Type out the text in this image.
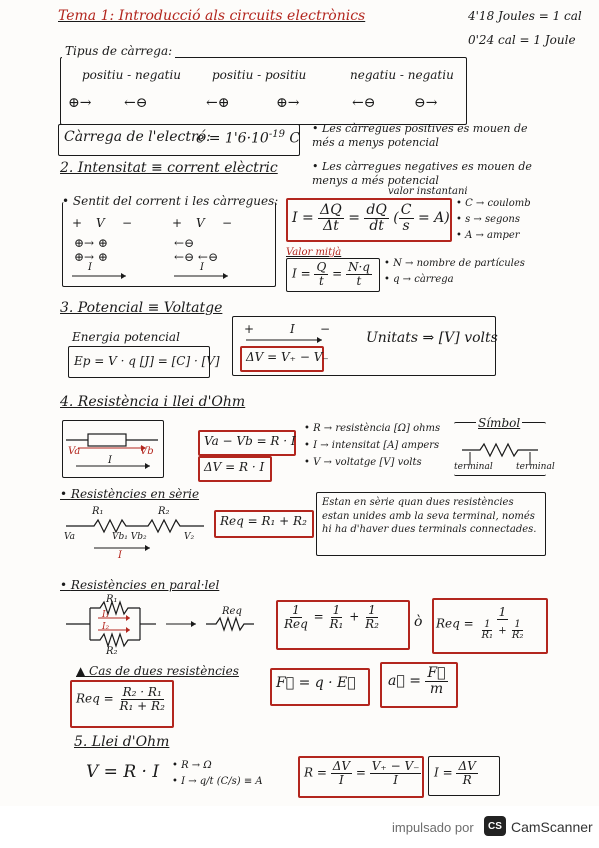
Tema 1: Introducció als circuits electrònics	4'18 Joules = 1 cal
0'24 cal = 1 Joule
Tipus de càrrega:
positiu - negatiu	positiu - positiu	negatiu - negatiu
⊕→ ←⊖	←⊕	⊕→	←⊖	⊖→
Càrrega de l'electró:
$e = 1'6\cdot 10^{-19}$ C
• Les càrregues positives es mouen de més a menys potencial
• Les càrregues negatives es mouen de menys a més potencial
2. Intensitat ≡ corrent elèctric
• Sentit del corrent i les càrregues:
+ V −	+ V −
⊕→ ⊕
⊕→ ⊕
←⊖
←⊖ ←⊖
I	I
valor instantani
$I = \frac{\Delta Q}{\Delta t} = \frac{dQ}{dt}$ ( $\frac{C}{s} = A$)
• C → coulomb
• s → segons
• A → amper
Valor mitjà
$I = \frac{Q}{t} = \frac{N\cdot q}{t}$ • N → nombre de partícules
• q → càrrega
3. Potencial ≡ Voltatge
Energia potencial
Ep = V · q [J] = [C] · [V]
+	I −
ΔV = V₊ − V₋
Unitats ⇒ [V] volts
4. Resistència i llei d'Ohm
Va	Vb
I
Va − Vb = R · I
ΔV = R · I
• R → resistència [Ω] ohms
• I → intensitat [A] ampers
• V → voltatge [V] volts
Símbol
terminal	terminal
• Resistències en sèrie
R₁	R₂
Va	Vb₁ Vb₂	V₂
I
Req = R₁ + R₂
Estan en sèrie quan dues resistències estan unides amb la seva terminal, només hi ha d'haver dues terminals connectades.
• Resistències en paral·lel
R₁
R₂
I₁
I₂
Req	$\frac{1}{\text{Req}} = \frac{1}{\text{R₁}} + \frac{1}{\text{R₂}}$ ò Req = $\frac{1}{\frac{1}{\text{R₁}} + \frac{1}{\text{R₂}}}$
▲ Cas de dues resistències
Req = $\frac{\text{R₂ · R₁}}{\text{R₁ + R₂}}$
F⃗ = q · E⃗ a⃗ = $\frac{F⃗}{m}$
5. Llei d'Ohm
V = R · I • R → Ω
• I → q/t (C/s) ≡ A
$R = \frac{\Delta V}{I} = \frac{V_+ - V_-}{I}$ $I = \frac{\Delta V}{R}$
impulsado por	CS CamScanner
